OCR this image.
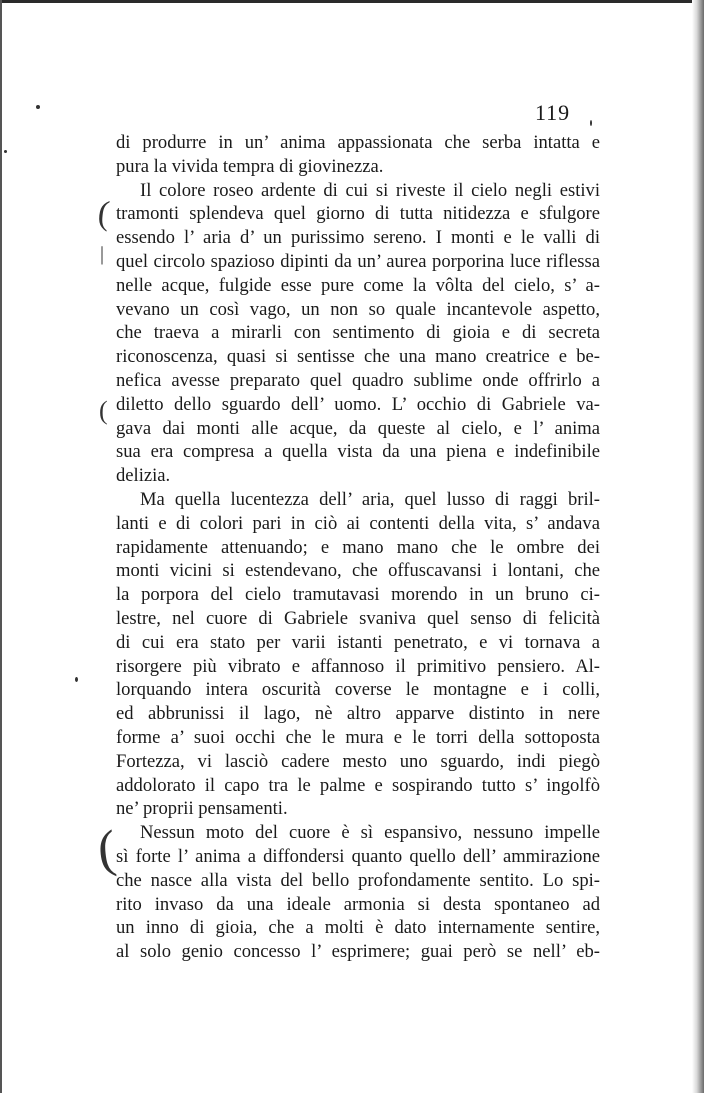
(
|
(
(
119
di produrre in un’ anima appassionata che serba intatta e
pura la vivida tempra di giovinezza.
Il colore roseo ardente di cui si riveste il cielo negli estivi
tramonti splendeva quel giorno di tutta nitidezza e sfulgore
essendo l’ aria d’ un purissimo sereno. I monti e le valli di
quel circolo spazioso dipinti da un’ aurea porporina luce riflessa
nelle acque, fulgide esse pure come la vôlta del cielo, s’ a-
vevano un così vago, un non so quale incantevole aspetto,
che traeva a mirarli con sentimento di gioia e di secreta
riconoscenza, quasi si sentisse che una mano creatrice e be-
nefica avesse preparato quel quadro sublime onde offrirlo a
diletto dello sguardo dell’ uomo. L’ occhio di Gabriele va-
gava dai monti alle acque, da queste al cielo, e l’ anima
sua era compresa a quella vista da una piena e indefinibile
delizia.
Ma quella lucentezza dell’ aria, quel lusso di raggi bril-
lanti e di colori pari in ciò ai contenti della vita, s’ andava
rapidamente attenuando; e mano mano che le ombre dei
monti vicini si estendevano, che offuscavansi i lontani, che
la porpora del cielo tramutavasi morendo in un bruno ci-
lestre, nel cuore di Gabriele svaniva quel senso di felicità
di cui era stato per varii istanti penetrato, e vi tornava a
risorgere più vibrato e affannoso il primitivo pensiero. Al-
lorquando intera oscurità coverse le montagne e i colli,
ed abbrunissi il lago, nè altro apparve distinto in nere
forme a’ suoi occhi che le mura e le torri della sottoposta
Fortezza, vi lasciò cadere mesto uno sguardo, indi piegò
addolorato il capo tra le palme e sospirando tutto s’ ingolfò
ne’ proprii pensamenti.
Nessun moto del cuore è sì espansivo, nessuno impelle
sì forte l’ anima a diffondersi quanto quello dell’ ammirazione
che nasce alla vista del bello profondamente sentito. Lo spi-
rito invaso da una ideale armonia si desta spontaneo ad
un inno di gioia, che a molti è dato internamente sentire,
al solo genio concesso l’ esprimere; guai però se nell’ eb-
